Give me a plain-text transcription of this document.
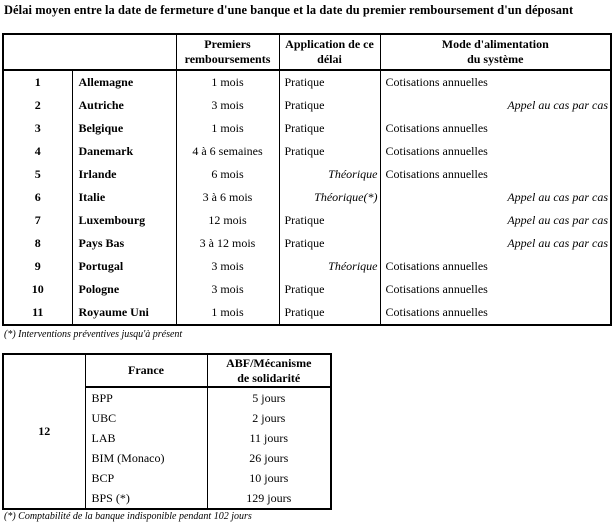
Délai moyen entre la date de fermeture d'une banque et la date du premier remboursement d'un déposant

Premiers
remboursements

Application de ce
délai

Mode d'alimentation
du système

1	Allemagne	1 mois	Pratique	Cotisations annuelles
2	Autriche	3 mois	Pratique	Appel au cas par cas
3	Belgique	1 mois	Pratique	Cotisations annuelles
4	Danemark	4 à 6 semaines	Pratique	Cotisations annuelles
5	Irlande	6 mois	Théorique	Cotisations annuelles
6	Italie	3 à 6 mois	Théorique(*)	Appel au cas par cas
7	Luxembourg	12 mois	Pratique	Appel au cas par cas
8	Pays Bas	3 à 12 mois	Pratique	Appel au cas par cas
9	Portugal	3 mois	Théorique	Cotisations annuelles
10	Pologne	3 mois	Pratique	Cotisations annuelles
11	Royaume Uni	1 mois	Pratique	Cotisations annuelles
(*) Interventions préventives jusqu'à présent
12	France	ABF/Mécanisme
de solidarité

	BPP	5 jours
	UBC	2 jours
	LAB	11 jours
	BIM (Monaco)	26 jours
	BCP	10 jours
	BPS (*)	129 jours
(*) Comptabilité de la banque indisponible pendant 102 jours
